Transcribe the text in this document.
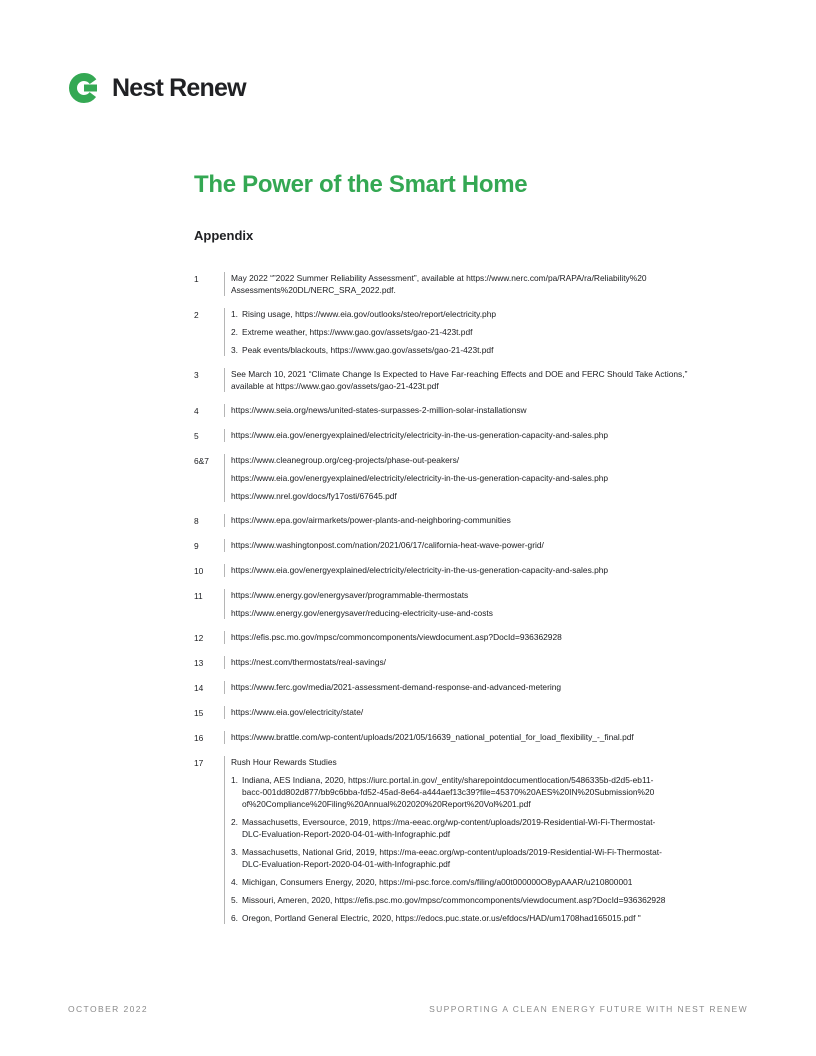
Nest Renew
The Power of the Smart Home
Appendix
1	May 2022 “”2022 Summer Reliability Assessment”, available at https://www.nerc.com/pa/RAPA/ra/Reliability%20
Assessments%20DL/NERC_SRA_2022.pdf.
2	1. Rising usage, https://www.eia.gov/outlooks/steo/report/electricity.php
2. Extreme weather, https://www.gao.gov/assets/gao-21-423t.pdf
3. Peak events/blackouts, https://www.gao.gov/assets/gao-21-423t.pdf
3	See March 10, 2021 “Climate Change Is Expected to Have Far-reaching Effects and DOE and FERC Should Take Actions,”
available at https://www.gao.gov/assets/gao-21-423t.pdf
4	https://www.seia.org/news/united-states-surpasses-2-million-solar-installationsw
5	https://www.eia.gov/energyexplained/electricity/electricity-in-the-us-generation-capacity-and-sales.php
6&7	https://www.cleanegroup.org/ceg-projects/phase-out-peakers/
https://www.eia.gov/energyexplained/electricity/electricity-in-the-us-generation-capacity-and-sales.php
https://www.nrel.gov/docs/fy17osti/67645.pdf
8	https://www.epa.gov/airmarkets/power-plants-and-neighboring-communities
9	https://www.washingtonpost.com/nation/2021/06/17/california-heat-wave-power-grid/
10	https://www.eia.gov/energyexplained/electricity/electricity-in-the-us-generation-capacity-and-sales.php
11	https://www.energy.gov/energysaver/programmable-thermostats
https://www.energy.gov/energysaver/reducing-electricity-use-and-costs
12	https://efis.psc.mo.gov/mpsc/commoncomponents/viewdocument.asp?DocId=936362928
13	https://nest.com/thermostats/real-savings/
14	https://www.ferc.gov/media/2021-assessment-demand-response-and-advanced-metering
15	https://www.eia.gov/electricity/state/
16	https://www.brattle.com/wp-content/uploads/2021/05/16639_national_potential_for_load_flexibility_-_final.pdf
17	Rush Hour Rewards Studies
1. Indiana, AES Indiana, 2020, https://iurc.portal.in.gov/_entity/sharepointdocumentlocation/5486335b-d2d5-eb11-
bacc-001dd802d877/bb9c6bba-fd52-45ad-8e64-a444aef13c39?file=45370%20AES%20IN%20Submission%20
of%20Compliance%20Filing%20Annual%202020%20Report%20Vol%201.pdf
2. Massachusetts, Eversource, 2019, https://ma-eeac.org/wp-content/uploads/2019-Residential-Wi-Fi-Thermostat-
DLC-Evaluation-Report-2020-04-01-with-Infographic.pdf
3. Massachusetts, National Grid, 2019, https://ma-eeac.org/wp-content/uploads/2019-Residential-Wi-Fi-Thermostat-
DLC-Evaluation-Report-2020-04-01-with-Infographic.pdf
4. Michigan, Consumers Energy, 2020, https://mi-psc.force.com/s/filing/a00t000000O8ypAAAR/u210800001
5. Missouri, Ameren, 2020, https://efis.psc.mo.gov/mpsc/commoncomponents/viewdocument.asp?DocId=936362928
6. Oregon, Portland General Electric, 2020, https://edocs.puc.state.or.us/efdocs/HAD/um1708had165015.pdf "
OCTOBER 2022	SUPPORTING A CLEAN ENERGY FUTURE WITH NEST RENEW
